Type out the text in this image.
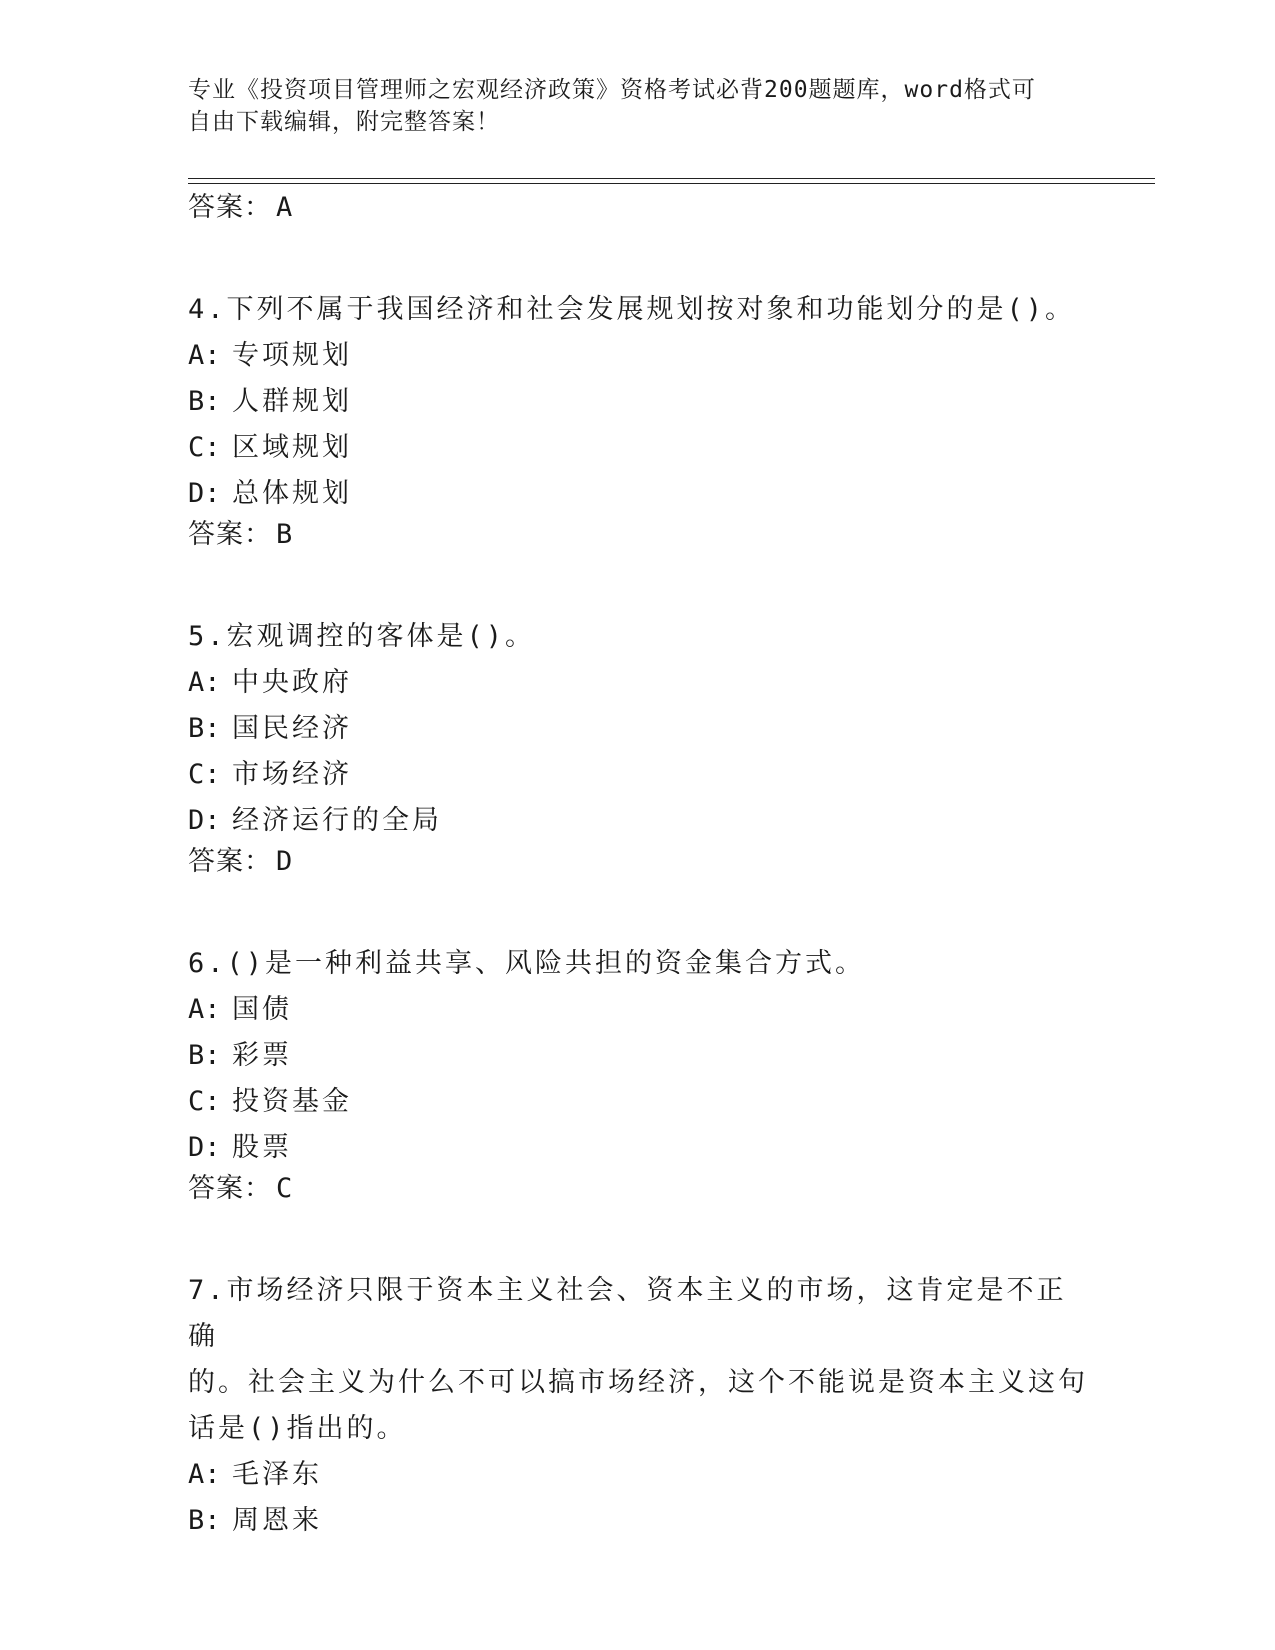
专业《投资项目管理师之宏观经济政策》资格考试必背200题题库，word格式可
自由下载编辑，附完整答案！
答案： A
4.下列不属于我国经济和社会发展规划按对象和功能划分的是()。
A: 专项规划
B: 人群规划
C: 区域规划
D: 总体规划
答案： B
5.宏观调控的客体是()。
A: 中央政府
B: 国民经济
C: 市场经济
D: 经济运行的全局
答案： D
6.()是一种利益共享、风险共担的资金集合方式。
A: 国债
B: 彩票
C: 投资基金
D: 股票
答案： C
7.市场经济只限于资本主义社会、资本主义的市场，这肯定是不正确
的。社会主义为什么不可以搞市场经济，这个不能说是资本主义这句
话是()指出的。
A: 毛泽东
B: 周恩来
